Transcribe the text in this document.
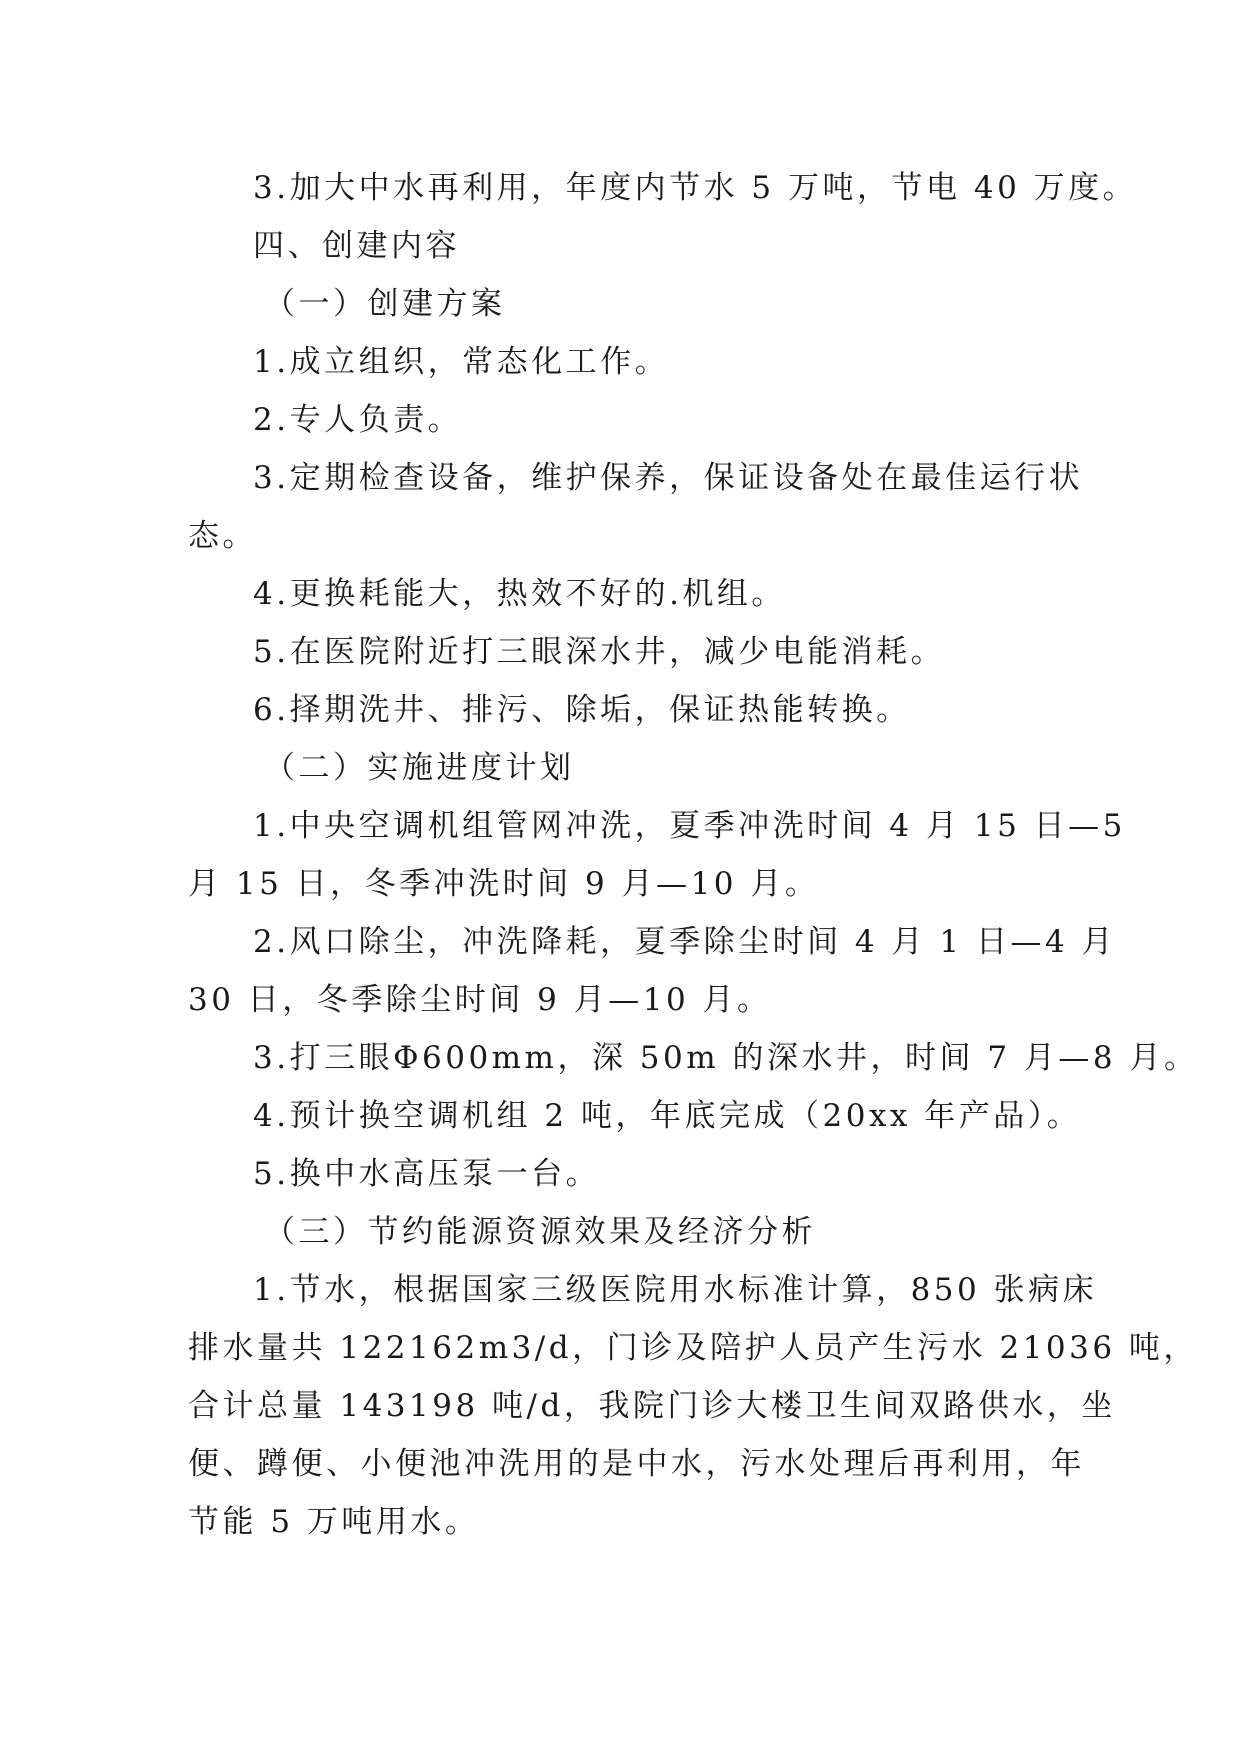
3.加大中水再利用，年度内节水 5 万吨，节电 40 万度。

四、创建内容

（一）创建方案

1.成立组织，常态化工作。

2.专人负责。

3.定期检查设备，维护保养，保证设备处在最佳运行状

态。

4.更换耗能大，热效不好的.机组。

5.在医院附近打三眼深水井，减少电能消耗。

6.择期洗井、排污、除垢，保证热能转换。

（二）实施进度计划

1.中央空调机组管网冲洗，夏季冲洗时间 4 月 15 日—5

月 15 日，冬季冲洗时间 9 月—10 月。

2.风口除尘，冲洗降耗，夏季除尘时间 4 月 1 日—4 月

30 日，冬季除尘时间 9 月—10 月。

3.打三眼Φ600mm，深 50m 的深水井，时间 7 月—8 月。

4.预计换空调机组 2 吨，年底完成（20xx 年产品）。

5.换中水高压泵一台。

（三）节约能源资源效果及经济分析

1.节水，根据国家三级医院用水标准计算，850 张病床

排水量共 122162m3/d，门诊及陪护人员产生污水 21036 吨，

合计总量 143198 吨/d，我院门诊大楼卫生间双路供水，坐

便、蹲便、小便池冲洗用的是中水，污水处理后再利用，年

节能 5 万吨用水。
